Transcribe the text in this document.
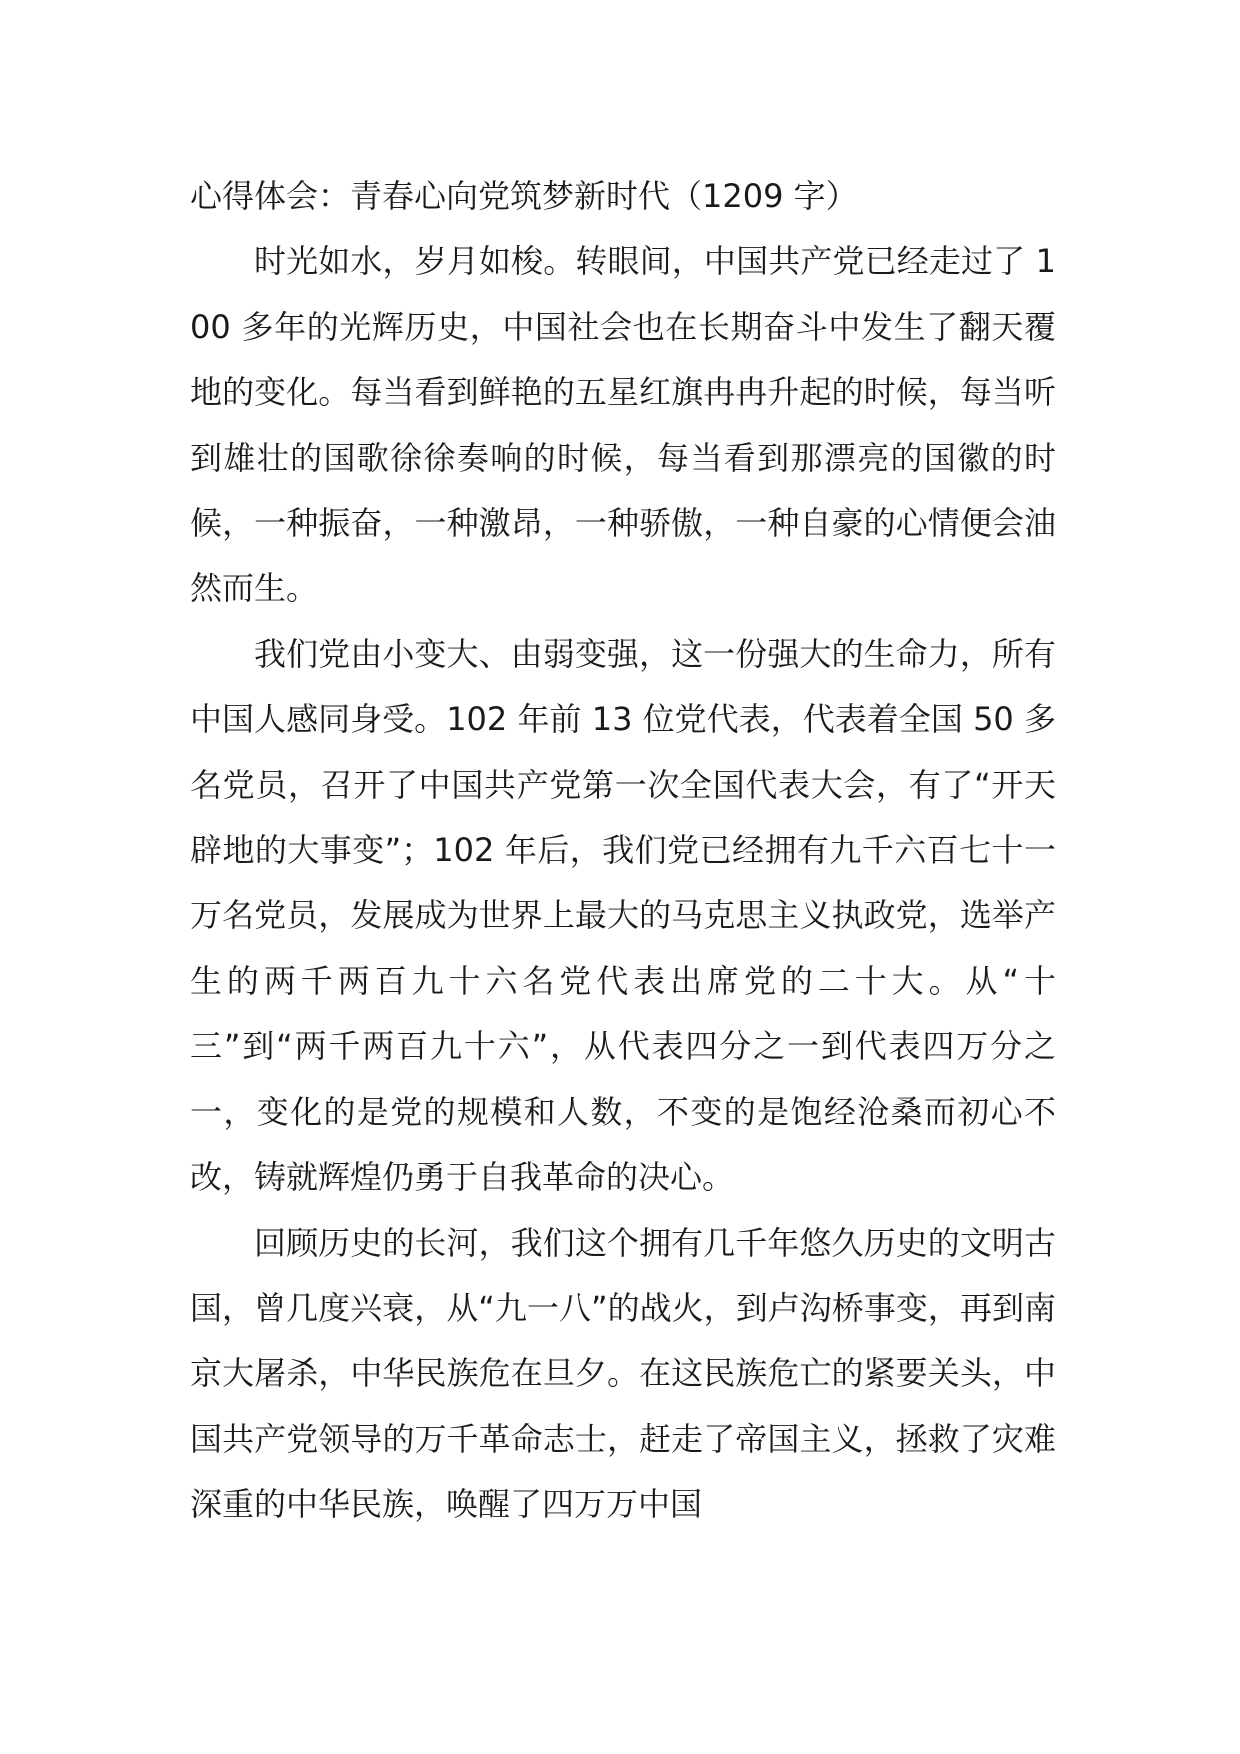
心得体会：青春心向党筑梦新时代（1209 字）

时光如水，岁月如梭。转眼间，中国共产党已经走过了 100 多年的光辉历史，中国社会也在长期奋斗中发生了翻天覆地的变化。每当看到鲜艳的五星红旗冉冉升起的时候，每当听到雄壮的国歌徐徐奏响的时候，每当看到那漂亮的国徽的时候，一种振奋，一种激昂，一种骄傲，一种自豪的心情便会油然而生。

我们党由小变大、由弱变强，这一份强大的生命力，所有中国人感同身受。102 年前 13 位党代表，代表着全国 50 多名党员，召开了中国共产党第一次全国代表大会，有了“开天辟地的大事变”；102 年后，我们党已经拥有九千六百七十一万名党员，发展成为世界上最大的马克思主义执政党，选举产生的两千两百九十六名党代表出席党的二十大。从“十三”到“两千两百九十六”，从代表四分之一到代表四万分之一，变化的是党的规模和人数，不变的是饱经沧桑而初心不改，铸就辉煌仍勇于自我革命的决心。

回顾历史的长河，我们这个拥有几千年悠久历史的文明古国，曾几度兴衰，从“九一八”的战火，到卢沟桥事变，再到南京大屠杀，中华民族危在旦夕。在这民族危亡的紧要关头，中国共产党领导的万千革命志士，赶走了帝国主义，拯救了灾难深重的中华民族，唤醒了四万万中国
